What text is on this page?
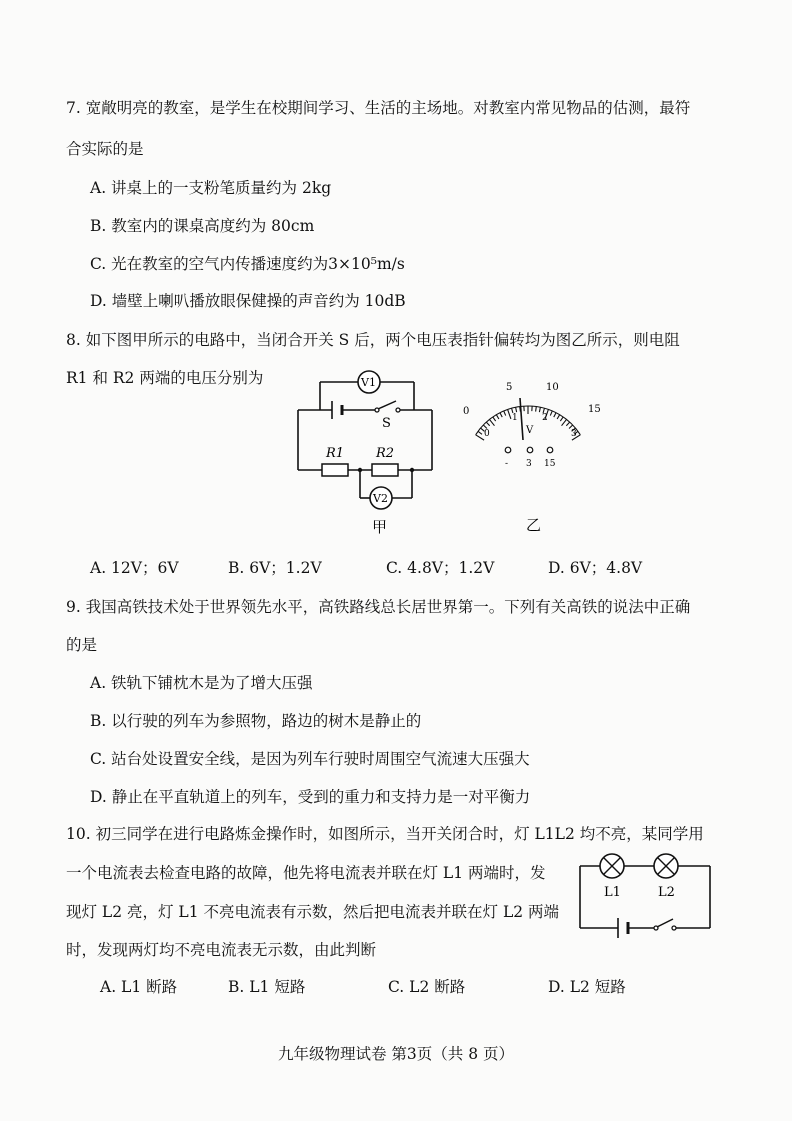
7. 宽敞明亮的教室，是学生在校期间学习、生活的主场地。对教室内常见物品的估测，最符
合实际的是
A. 讲桌上的一支粉笔质量约为 2kg
B. 教室内的课桌高度约为 80cm
C. 光在教室的空气内传播速度约为3×10⁵m/s
D. 墙壁上喇叭播放眼保健操的声音约为 10dB
8. 如下图甲所示的电路中，当闭合开关 S 后，两个电压表指针偏转均为图乙所示，则电阻
R1 和 R2 两端的电压分别为
S
V1
R1 R2
V2
甲
0
5	10
15
0
1	2
3
V
- 3 15
乙
A. 12V；6V	B. 6V；1.2V	C. 4.8V；1.2V	D. 6V；4.8V
9. 我国高铁技术处于世界领先水平，高铁路线总长居世界第一。下列有关高铁的说法中正确
的是
A. 铁轨下铺枕木是为了增大压强
B. 以行驶的列车为参照物，路边的树木是静止的
C. 站台处设置安全线，是因为列车行驶时周围空气流速大压强大
D. 静止在平直轨道上的列车，受到的重力和支持力是一对平衡力
10. 初三同学在进行电路炼金操作时，如图所示，当开关闭合时，灯 L1L2 均不亮，某同学用
一个电流表去检查电路的故障，他先将电流表并联在灯 L1 两端时，发
现灯 L2 亮，灯 L1 不亮电流表有示数，然后把电流表并联在灯 L2 两端
时，发现两灯均不亮电流表无示数，由此判断
L1	L2
A. L1 断路	B. L1 短路	C. L2 断路	D. L2 短路
九年级物理试卷 第3页（共 8 页）
